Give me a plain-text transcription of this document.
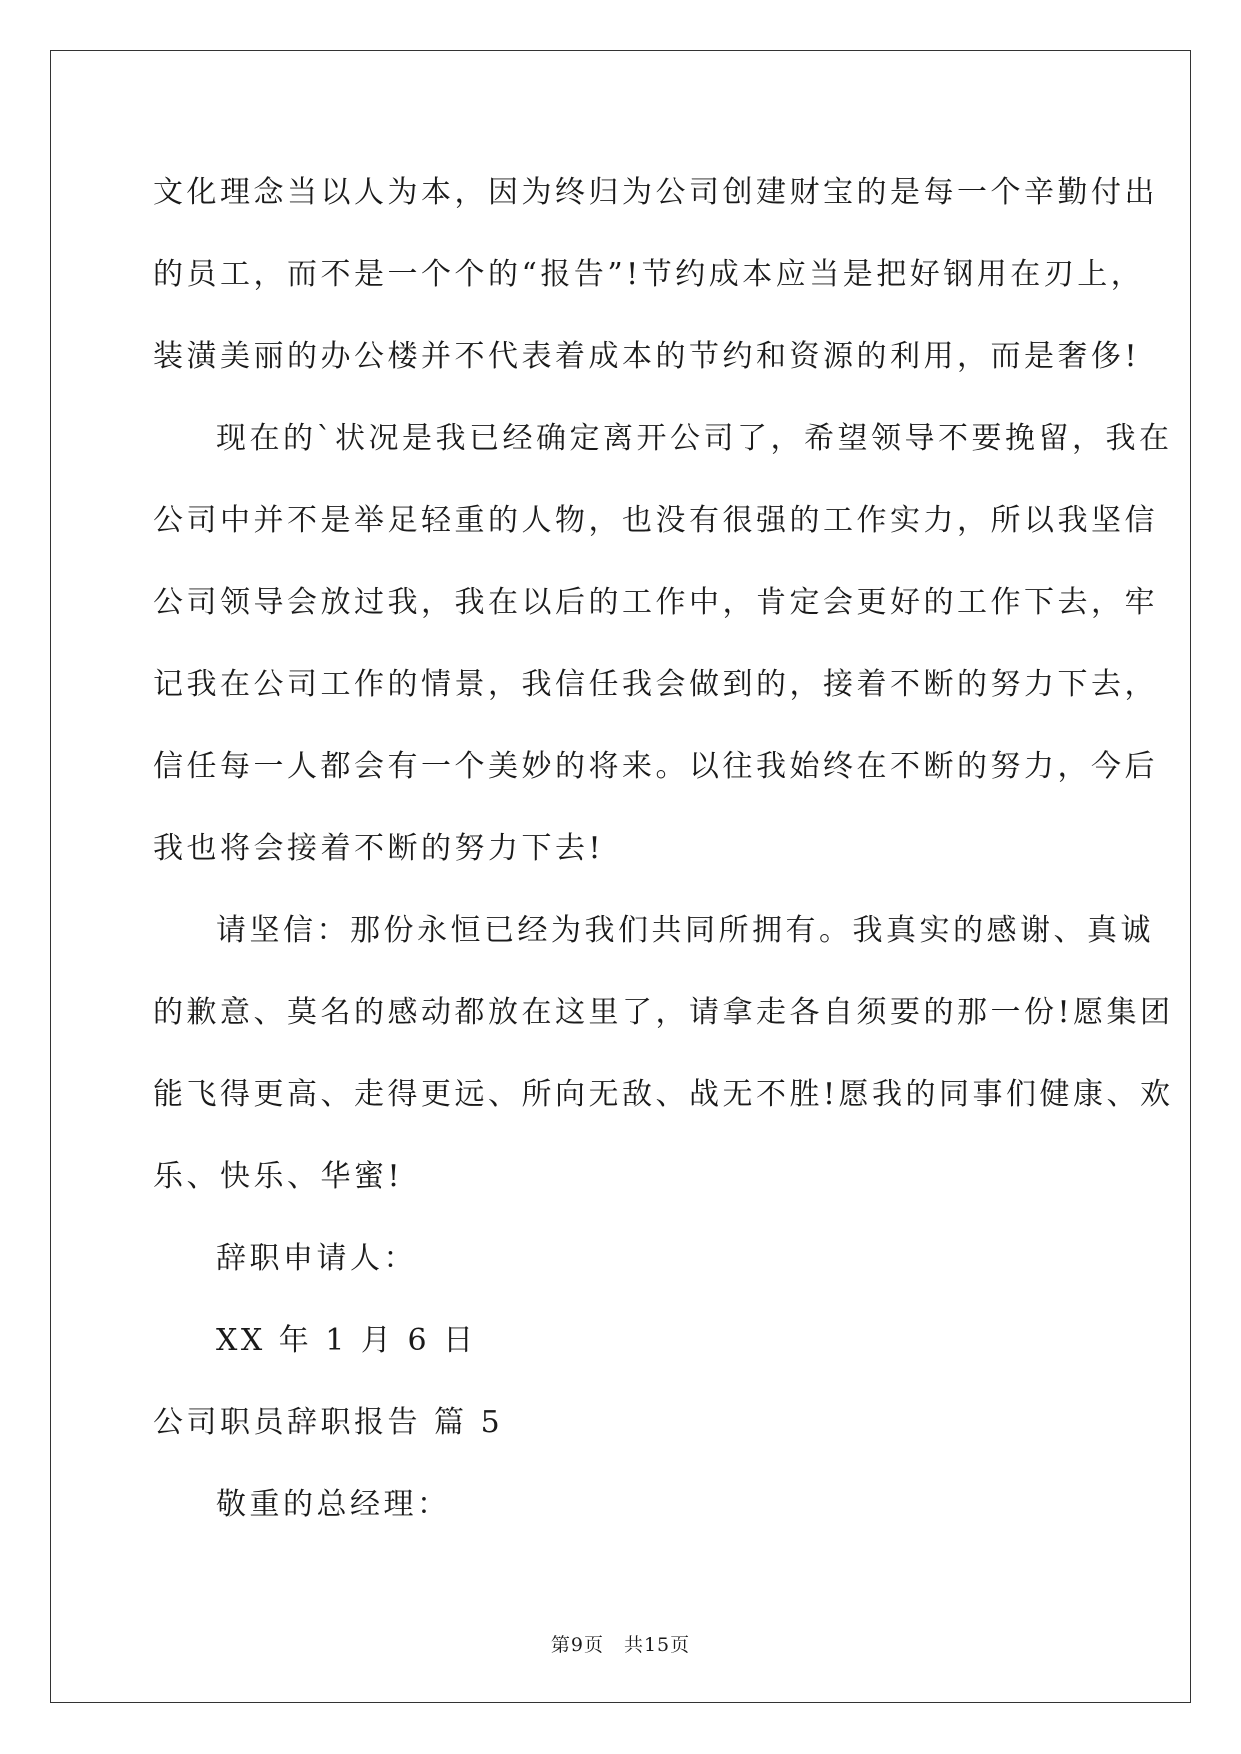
文化理念当以人为本，因为终归为公司创建财宝的是每一个辛勤付出
的员工，而不是一个个的“报告”!节约成本应当是把好钢用在刃上，
装潢美丽的办公楼并不代表着成本的节约和资源的利用，而是奢侈!
现在的`状况是我已经确定离开公司了，希望领导不要挽留，我在
公司中并不是举足轻重的人物，也没有很强的工作实力，所以我坚信
公司领导会放过我，我在以后的工作中，肯定会更好的工作下去，牢
记我在公司工作的情景，我信任我会做到的，接着不断的努力下去，
信任每一人都会有一个美妙的将来。以往我始终在不断的努力，今后
我也将会接着不断的努力下去!
请坚信：那份永恒已经为我们共同所拥有。我真实的感谢、真诚
的歉意、莫名的感动都放在这里了，请拿走各自须要的那一份!愿集团
能飞得更高、走得更远、所向无敌、战无不胜!愿我的同事们健康、欢
乐、快乐、华蜜!
辞职申请人：
XX 年 1 月 6 日
公司职员辞职报告 篇 5
敬重的总经理：
第9页 共15页
